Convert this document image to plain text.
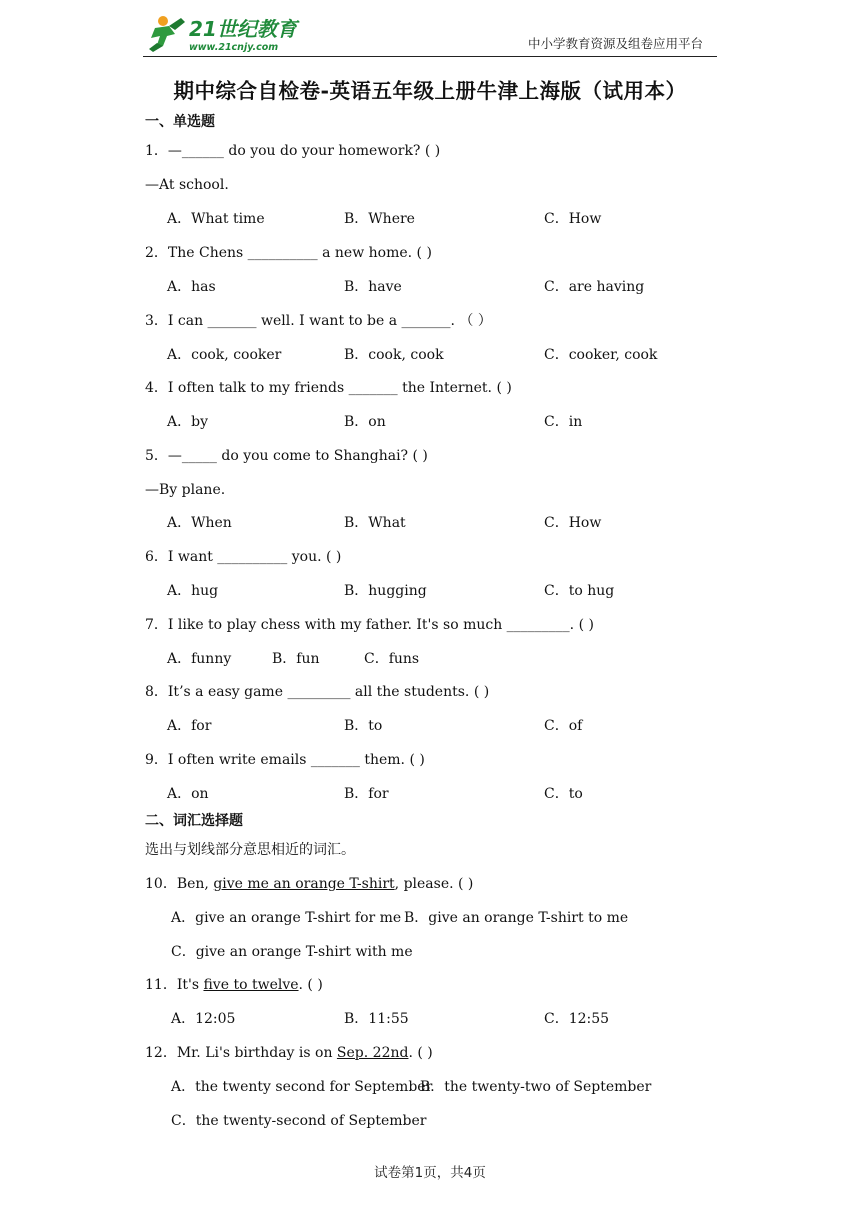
21世纪教育
www.21cnjy.com	中小学教育资源及组卷应用平台
期中综合自检卷-英语五年级上册牛津上海版（试用本）
一、单选题
1．—______ do you do your homework? ( )
—At school.
A．What time	B．Where	C．How
2．The Chens __________ a new home. ( )
A．has	B．have	C．are having
3．I can _______ well. I want to be a _______. （ ）
A．cook, cooker	B．cook, cook	C．cooker, cook
4．I often talk to my friends _______ the Internet. ( )
A．by	B．on	C．in
5．—_____ do you come to Shanghai? ( )
—By plane.
A．When	B．What	C．How
6．I want __________ you. ( )
A．hug	B．hugging	C．to hug
7．I like to play chess with my father. It's so much _________. ( )
A．funny	B．fun	C．funs
8．It’s a easy game _________ all the students. ( )
A．for	B．to	C．of
9．I often write emails _______ them. ( )
A．on	B．for	C．to
二、词汇选择题
选出与划线部分意思相近的词汇。
10．Ben, give me an orange T-shirt, please. ( )
A．give an orange T-shirt for me B．give an orange T-shirt to me
C．give an orange T-shirt with me
11．It's five to twelve. ( )
A．12:05	B．11:55	C．12:55
12．Mr. Li's birthday is on Sep. 22nd. ( )
A．the twenty second for September
B．the twenty-two of September
C．the twenty-second of September
试卷第1页，共4页
